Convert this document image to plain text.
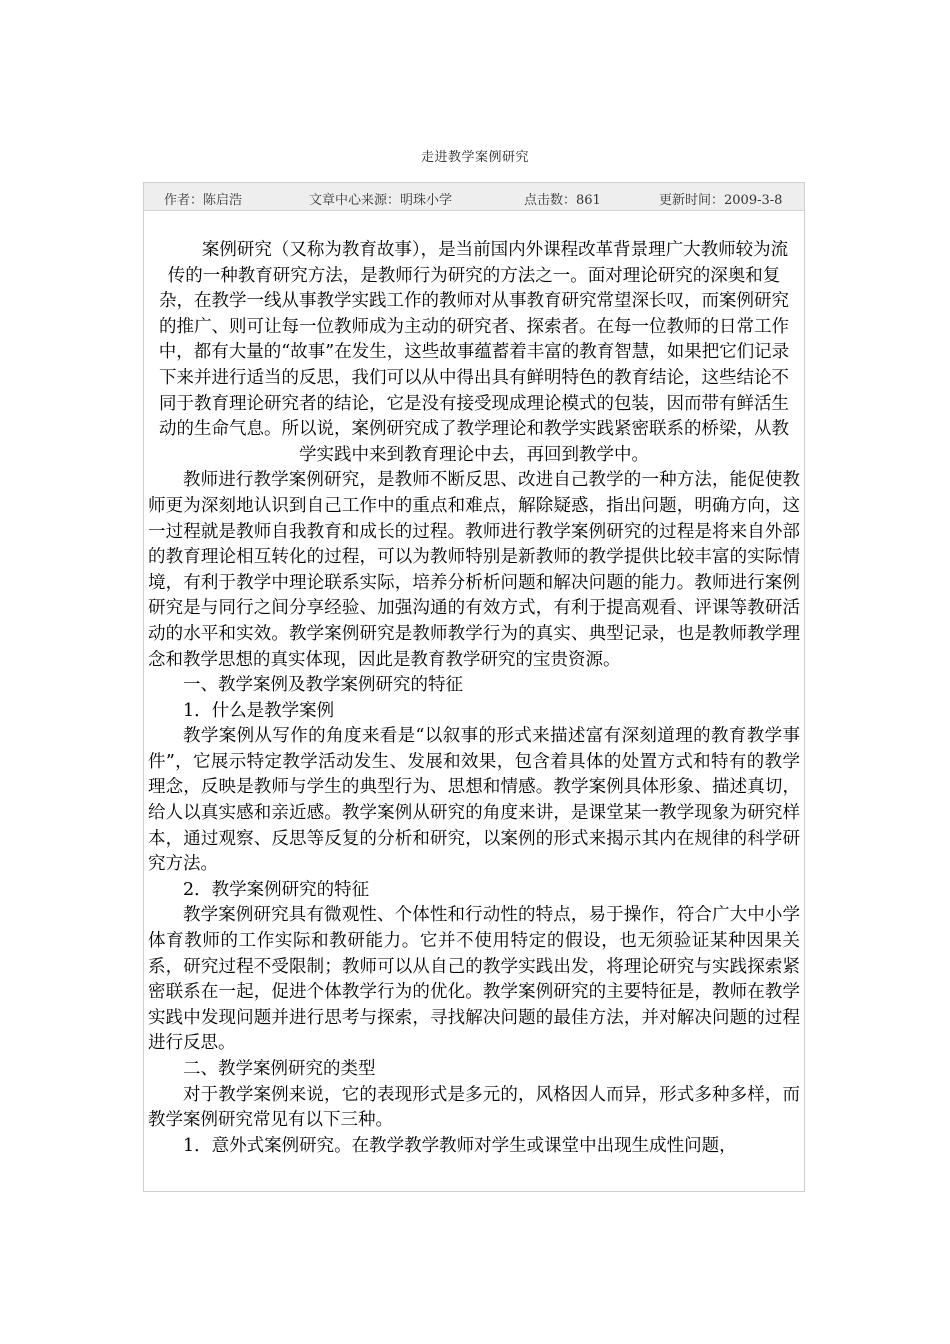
走进教学案例研究
作者：陈启浩	文章中心来源：明珠小学	点击数：861	更新时间：2009-3-8

案例研究（又称为教育故事），是当前国内外课程改革背景理广大教师较为流传的一种教育研究方法，是教师行为研究的方法之一。面对理论研究的深奥和复杂，在教学一线从事教学实践工作的教师对从事教育研究常望深长叹，而案例研究的推广、则可让每一位教师成为主动的研究者、探索者。在每一位教师的日常工作中，都有大量的“故事”在发生，这些故事蕴蓄着丰富的教育智慧，如果把它们记录下来并进行适当的反思，我们可以从中得出具有鲜明特色的教育结论，这些结论不同于教育理论研究者的结论，它是没有接受现成理论模式的包装，因而带有鲜活生动的生命气息。所以说，案例研究成了教学理论和教学实践紧密联系的桥梁，从教学实践中来到教育理论中去，再回到教学中。

教师进行教学案例研究，是教师不断反思、改进自己教学的一种方法，能促使教师更为深刻地认识到自己工作中的重点和难点，解除疑惑，指出问题，明确方向，这一过程就是教师自我教育和成长的过程。教师进行教学案例研究的过程是将来自外部的教育理论相互转化的过程，可以为教师特别是新教师的教学提供比较丰富的实际情境，有利于教学中理论联系实际，培养分析析问题和解决问题的能力。教师进行案例研究是与同行之间分享经验、加强沟通的有效方式，有利于提高观看、评课等教研活动的水平和实效。教学案例研究是教师教学行为的真实、典型记录，也是教师教学理念和教学思想的真实体现，因此是教育教学研究的宝贵资源。

一、教学案例及教学案例研究的特征

1．什么是教学案例

教学案例从写作的角度来看是“以叙事的形式来描述富有深刻道理的教育教学事件”，它展示特定教学活动发生、发展和效果，包含着具体的处置方式和特有的教学理念，反映是教师与学生的典型行为、思想和情感。教学案例具体形象、描述真切，给人以真实感和亲近感。教学案例从研究的角度来讲，是课堂某一教学现象为研究样本，通过观察、反思等反复的分析和研究，以案例的形式来揭示其内在规律的科学研究方法。

2．教学案例研究的特征

教学案例研究具有微观性、个体性和行动性的特点，易于操作，符合广大中小学体育教师的工作实际和教研能力。它并不使用特定的假设，也无须验证某种因果关系，研究过程不受限制；教师可以从自己的教学实践出发，将理论研究与实践探索紧密联系在一起，促进个体教学行为的优化。教学案例研究的主要特征是，教师在教学实践中发现问题并进行思考与探索，寻找解决问题的最佳方法，并对解决问题的过程进行反思。

二、教学案例研究的类型

对于教学案例来说，它的表现形式是多元的，风格因人而异，形式多种多样，而教学案例研究常见有以下三种。

1．意外式案例研究。在教学教学教师对学生或课堂中出现生成性问题，
